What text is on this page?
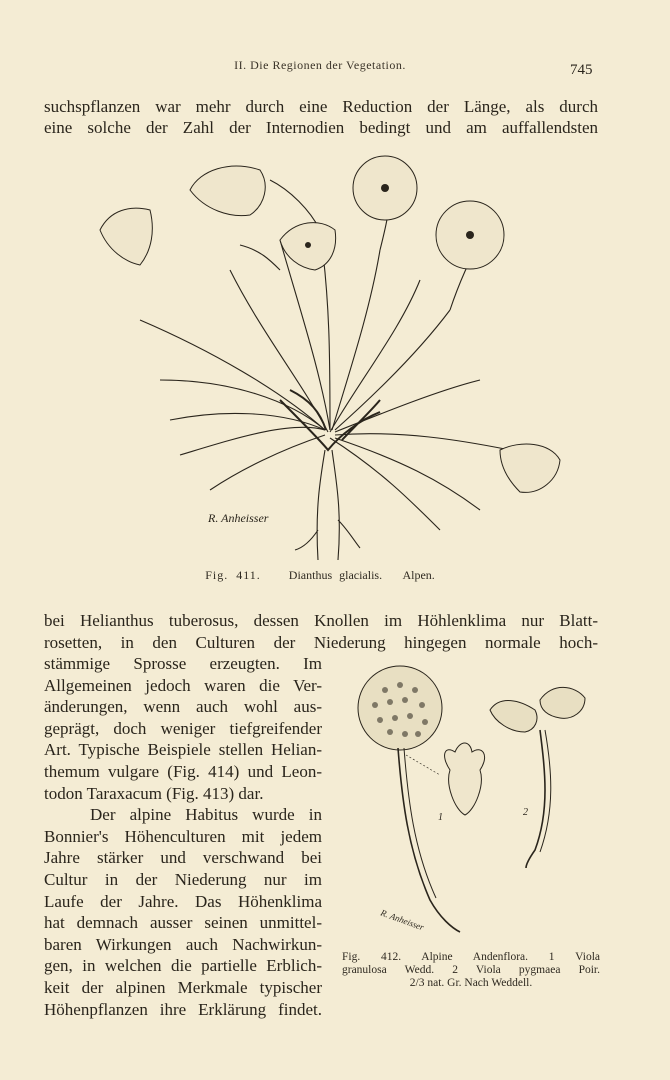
II. Die Regionen der Vegetation.	745

suchspflanzen war mehr durch eine Reduction der Länge, als durch

eine solche der Zahl der Internodien bedingt und am auffallendsten

R. Anheisser
Fig. 411. Dianthus glacialis. Alpen.

bei Helianthus tuberosus, dessen Knollen im Höhlenklima nur Blatt-

rosetten, in den Culturen der Niederung hingegen normale hoch-

stämmige Sprosse erzeugten. Im
Allgemeinen jedoch waren die Ver-
änderungen, wenn auch wohl aus-
geprägt, doch weniger tiefgreifender
Art. Typische Beispiele stellen Helian-
themum vulgare (Fig. 414) und Leon-
todon Taraxacum (Fig. 413) dar.
Der alpine Habitus wurde in
Bonnier's Höhenculturen mit jedem
Jahre stärker und verschwand bei
Cultur in der Niederung nur im
Laufe der Jahre. Das Höhenklima
hat demnach ausser seinen unmittel-
baren Wirkungen auch Nachwirkun-
gen, in welchen die partielle Erblich-
keit der alpinen Merkmale typischer
Höhenpflanzen ihre Erklärung findet.
1	2
R. Anheisser
Fig. 412. Alpine Andenflora. 1 Viola
granulosa Wedd. 2 Viola pygmaea Poir.
2/3 nat. Gr. Nach Weddell.
